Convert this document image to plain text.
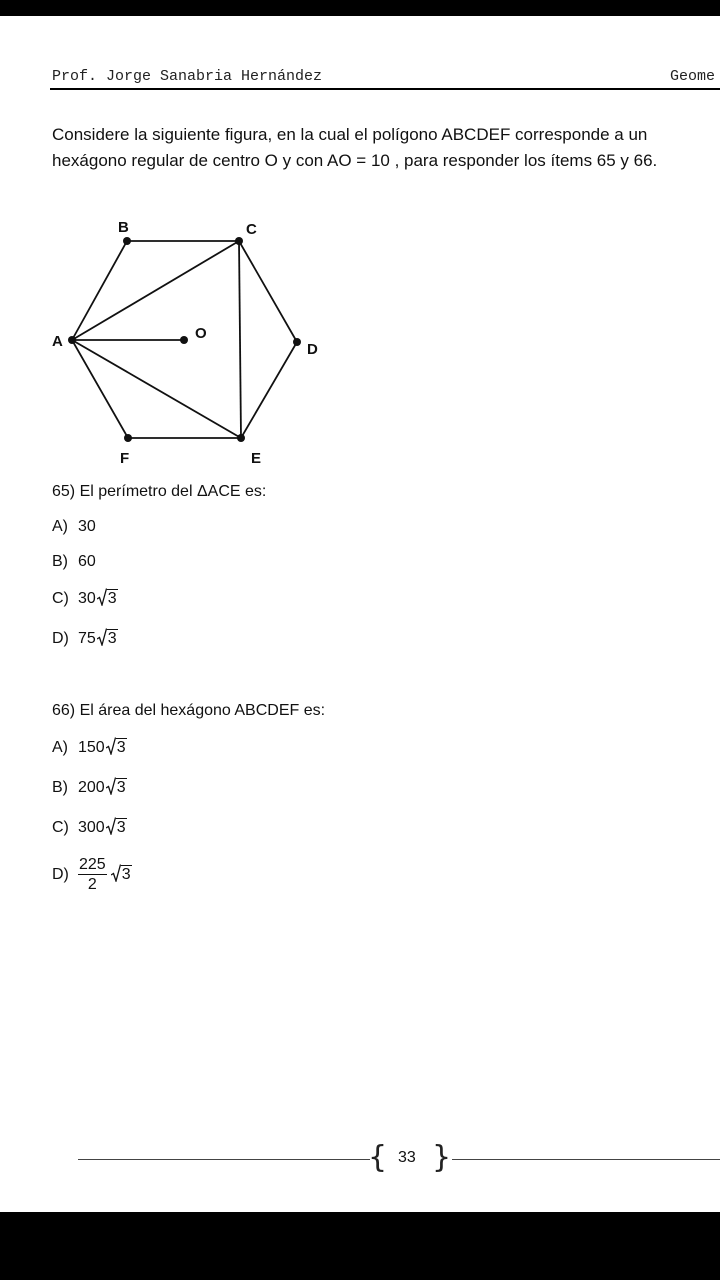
Prof. Jorge Sanabria Hernández	Geome

Considere la siguiente figura, en la cual el polígono ABCDEF corresponde a un

hexágono regular de centro O y con AO = 10 , para responder los ítems 65 y 66.

B	C
A	O
D
F	E
65) El perímetro del ΔACE es:
A) 30
B) 60
C) 30 3
D) 75 3
66) El área del hexágono ABCDEF es:
A) 150 3
B) 200 3
C) 300 3
$D) \frac{225}{2} 3$
{ 33 }
